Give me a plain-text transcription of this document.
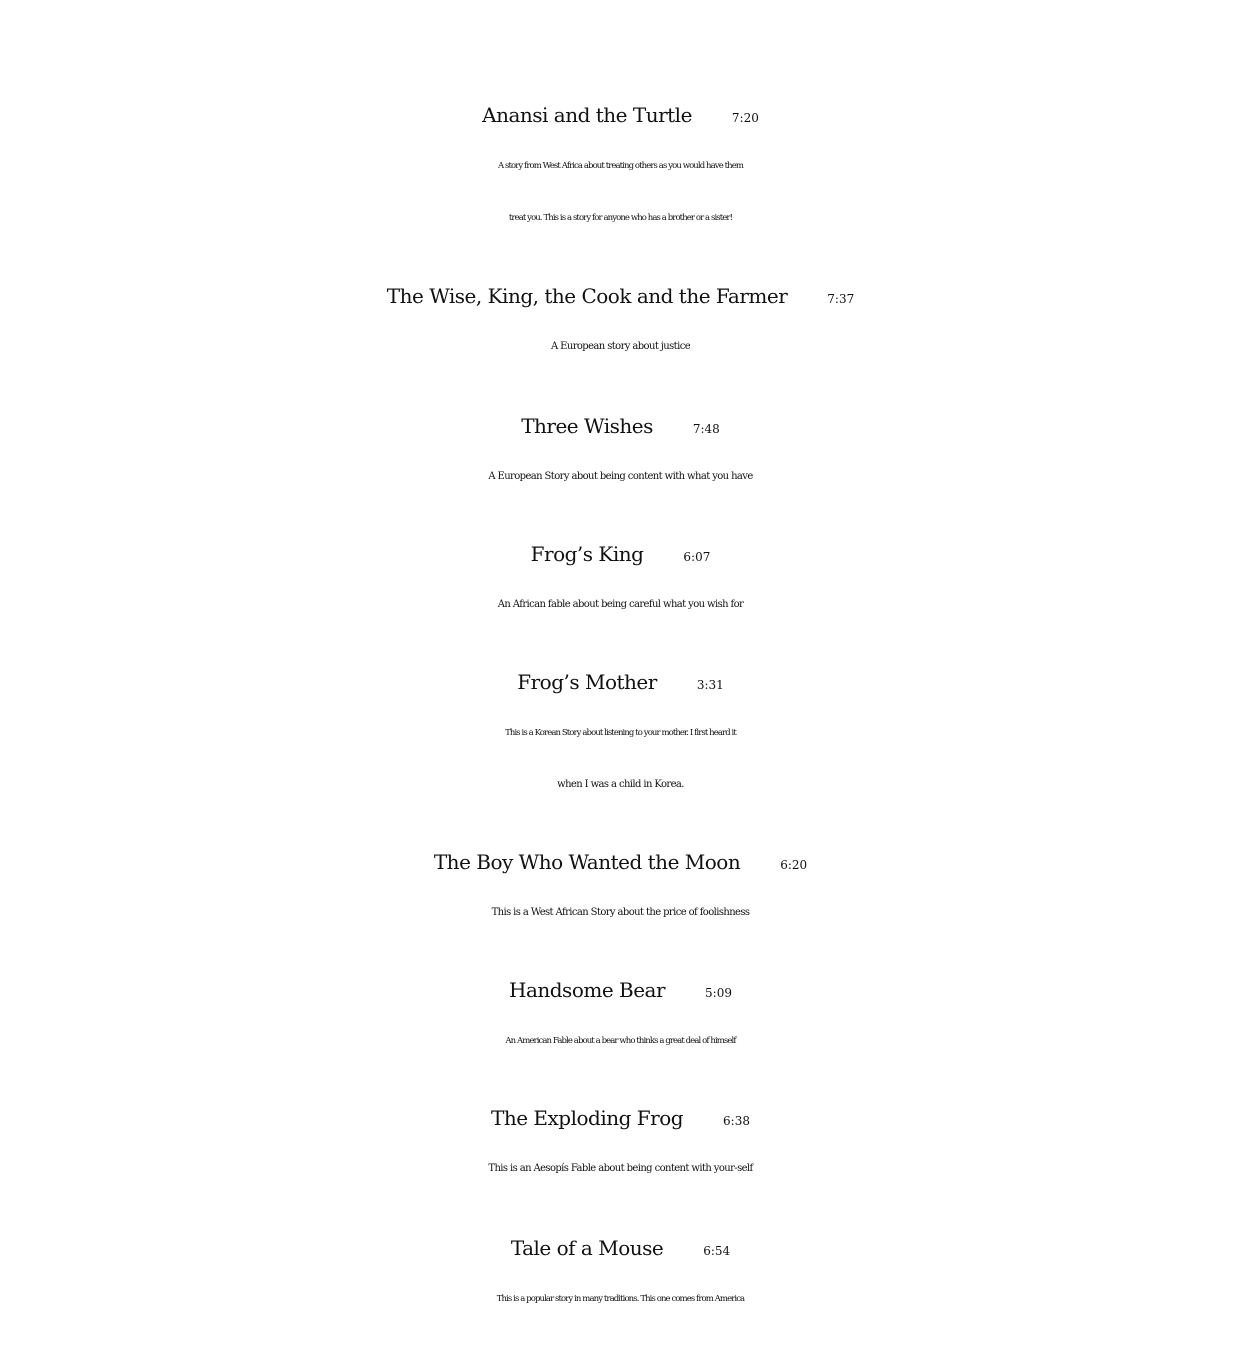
Anansi and the Turtle	7:20
A story from West Africa about treating others as you would have them
treat you. This is a story for anyone who has a brother or a sister!
The Wise, King, the Cook and the Farmer	7:37
A European story about justice
Three Wishes	7:48
A European Story about being content with what you have
Frog’s King	6:07
An African fable about being careful what you wish for
Frog’s Mother	3:31
This is a Korean Story about listening to your mother. I first heard it
when I was a child in Korea.
The Boy Who Wanted the Moon	6:20
This is a West African Story about the price of foolishness
Handsome Bear	5:09
An American Fable about a bear who thinks a great deal of himself
The Exploding Frog	6:38
This is an Aesopís Fable about being content with your-self
Tale of a Mouse	6:54
This is a popular story in many traditions. This one comes from America
